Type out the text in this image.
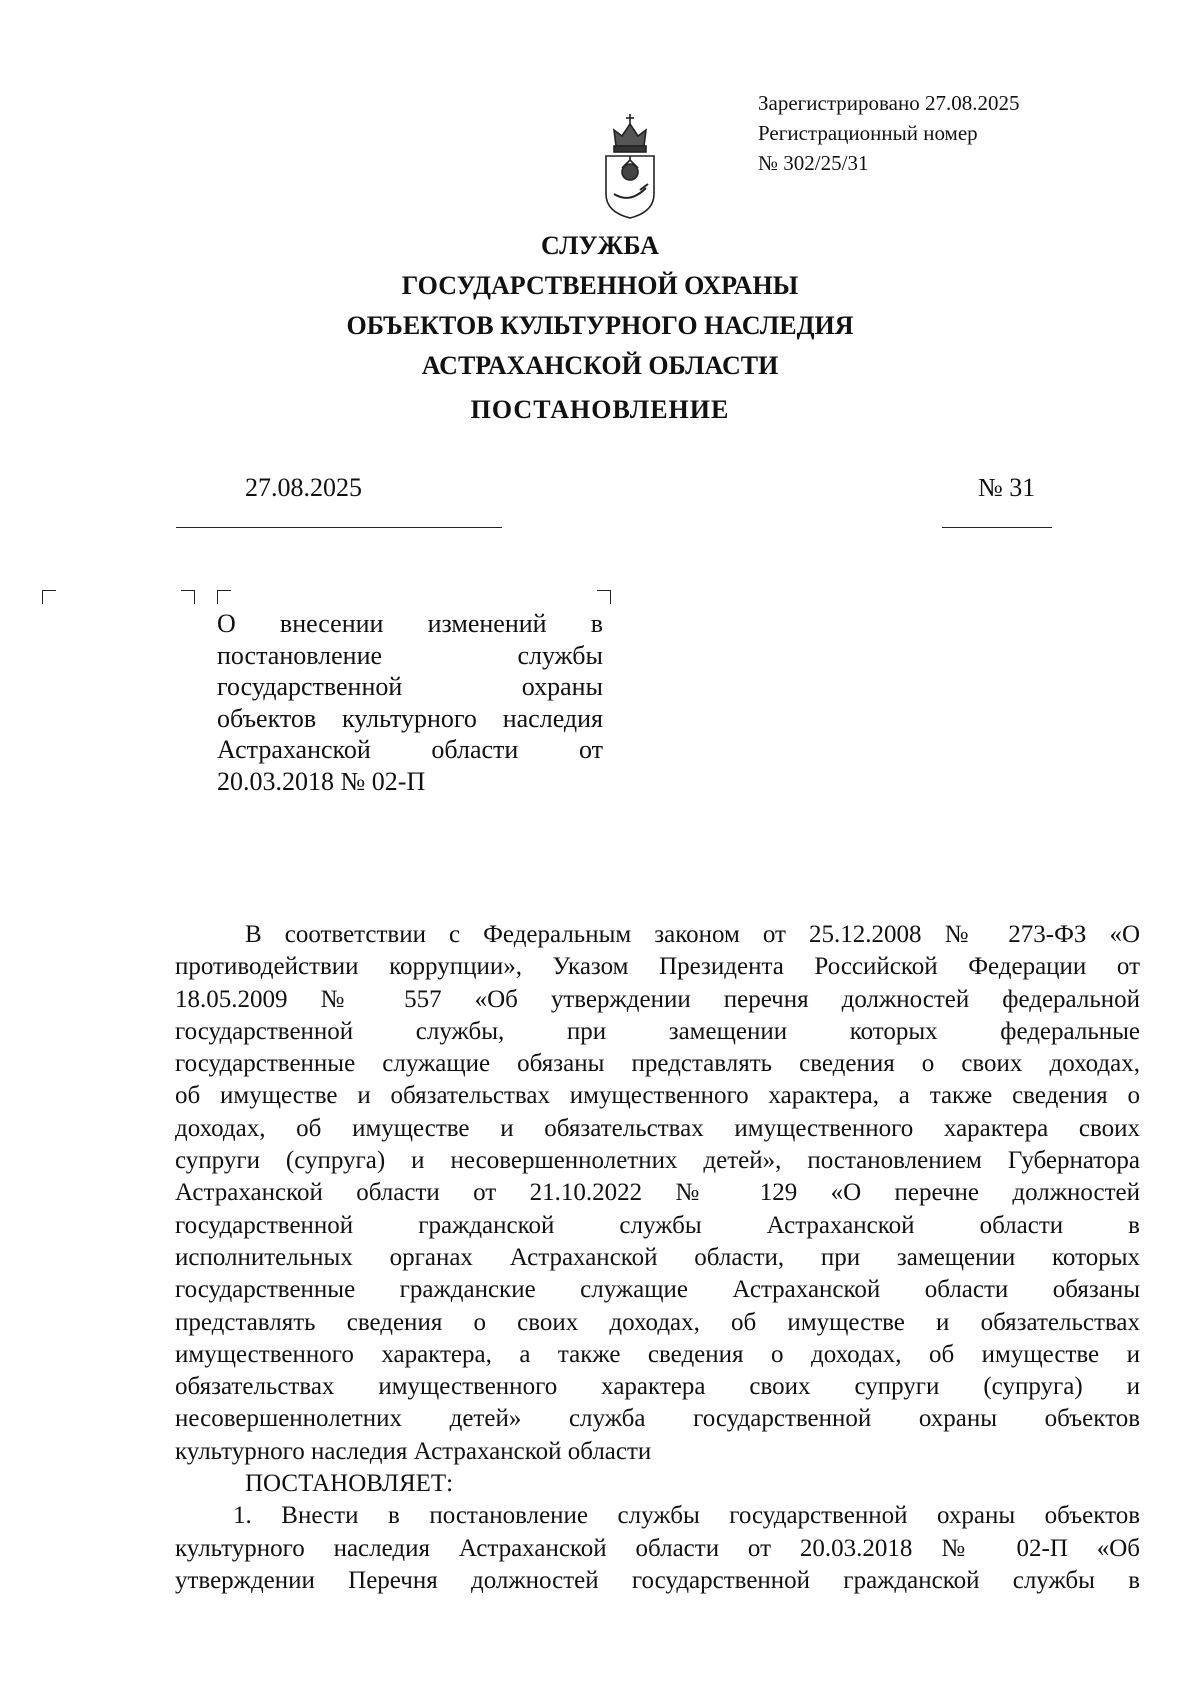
Зарегистрировано 27.08.2025
Регистрационный номер
№ 302/25/31
СЛУЖБА
ГОСУДАРСТВЕННОЙ ОХРАНЫ
ОБЪЕКТОВ КУЛЬТУРНОГО НАСЛЕДИЯ
АСТРАХАНСКОЙ ОБЛАСТИ
ПОСТАНОВЛЕНИЕ
27.08.2025	№ 31
О внесении изменений в
постановление службы
государственной охраны
объектов культурного наследия
Астраханской области от
20.03.2018 № 02-П
В соответствии с Федеральным законом от 25.12.2008 № 273-ФЗ «О
противодействии коррупции», Указом Президента Российской Федерации от
18.05.2009 № 557 «Об утверждении перечня должностей федеральной
государственной службы, при замещении которых федеральные
государственные служащие обязаны представлять сведения о своих доходах,
об имуществе и обязательствах имущественного характера, а также сведения о
доходах, об имуществе и обязательствах имущественного характера своих
супруги (супруга) и несовершеннолетних детей», постановлением Губернатора
Астраханской области от 21.10.2022 № 129 «О перечне должностей
государственной гражданской службы Астраханской области в
исполнительных органах Астраханской области, при замещении которых
государственные гражданские служащие Астраханской области обязаны
представлять сведения о своих доходах, об имуществе и обязательствах
имущественного характера, а также сведения о доходах, об имуществе и
обязательствах имущественного характера своих супруги (супруга) и
несовершеннолетних детей» служба государственной охраны объектов
культурного наследия Астраханской области
ПОСТАНОВЛЯЕТ:
1. Внести в постановление службы государственной охраны объектов
культурного наследия Астраханской области от 20.03.2018 № 02-П «Об
утверждении Перечня должностей государственной гражданской службы в
